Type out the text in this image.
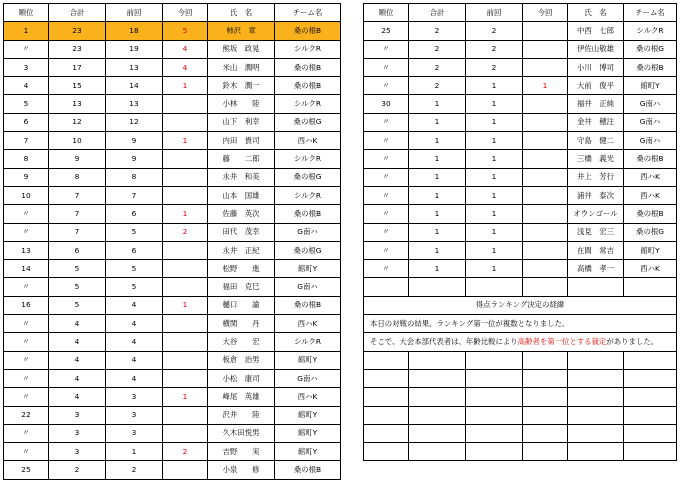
順位	合計	前回	今回	氏　名	チーム名
1	23	18	5	柿沢　章	桑の根B
〃	23	19	4	熊坂　政晃	シルクR
3	17	13	4	米山　潤明	桑の根B
4	15	14	1	鈴木　潤一	桑の根B
5	13	13		小林　　陸	シルクR
6	12	12		山下　利幸	桑の根G
7	10	9	1	内田　貴司	西ハK
8	9	9		藤　　二郎	シルクR
9	8	8		永井　和美	桑の根G
10	7	7		山本　国雄	シルクR
〃	7	6	1	佐藤　英次	桑の根B
〃	7	5	2	田代　茂幸	G南ハ
13	6	6		永井　正紀	桑の根G
14	5	5		松野　　進	館町Y
〃	5	5		福田　克巳	G南ハ
16	5	4	1	樋口　　諭	桑の根B
〃	4	4		横関　　丹	西ハK
〃	4	4		大谷　　宏	シルクR
〃	4	4		板倉　治男	館町Y
〃	4	4		小松　康司	G南ハ
〃	4	3	1	峰尾　英雄	西ハK
22	3	3		沢井　　陸	館町Y
〃	3	3		久木田悦男	館町Y
〃	3	1	2	吉野　　実	館町Y
25	2	2		小泉　　修	桑の根B
順位	合計	前回	今回	氏　名	チーム名
25	2	2		中西　七郎	シルクR
〃	2	2		伊佐山敬雄	桑の根G
〃	2	2		小川　博司	桑の根B
〃	2	1	1	大前　俊平	館町Y
30	1	1		福井　正純	G南ハ
〃	1	1		金井　穂注	G南ハ
〃	1	1		守島　健二	G南ハ
〃	1	1		三橋　義光	桑の根B
〃	1	1		井上　芳行	西ハK
〃	1	1		浦井　泰次	西ハK
〃	1	1		オウンゴール	桑の根B
〃	1	1		浅見　宏三	桑の根G
〃	1	1		在間　常吉	館町Y
〃	1	1		高橋　孝一	西ハK

得点ランキング決定の経緯					
本日の対戦の結果、ランキング第一位が複数となりました。					
そこで、大会本部代表者は、年齢比較により高齢者を第一位とする裁定がありました。					
